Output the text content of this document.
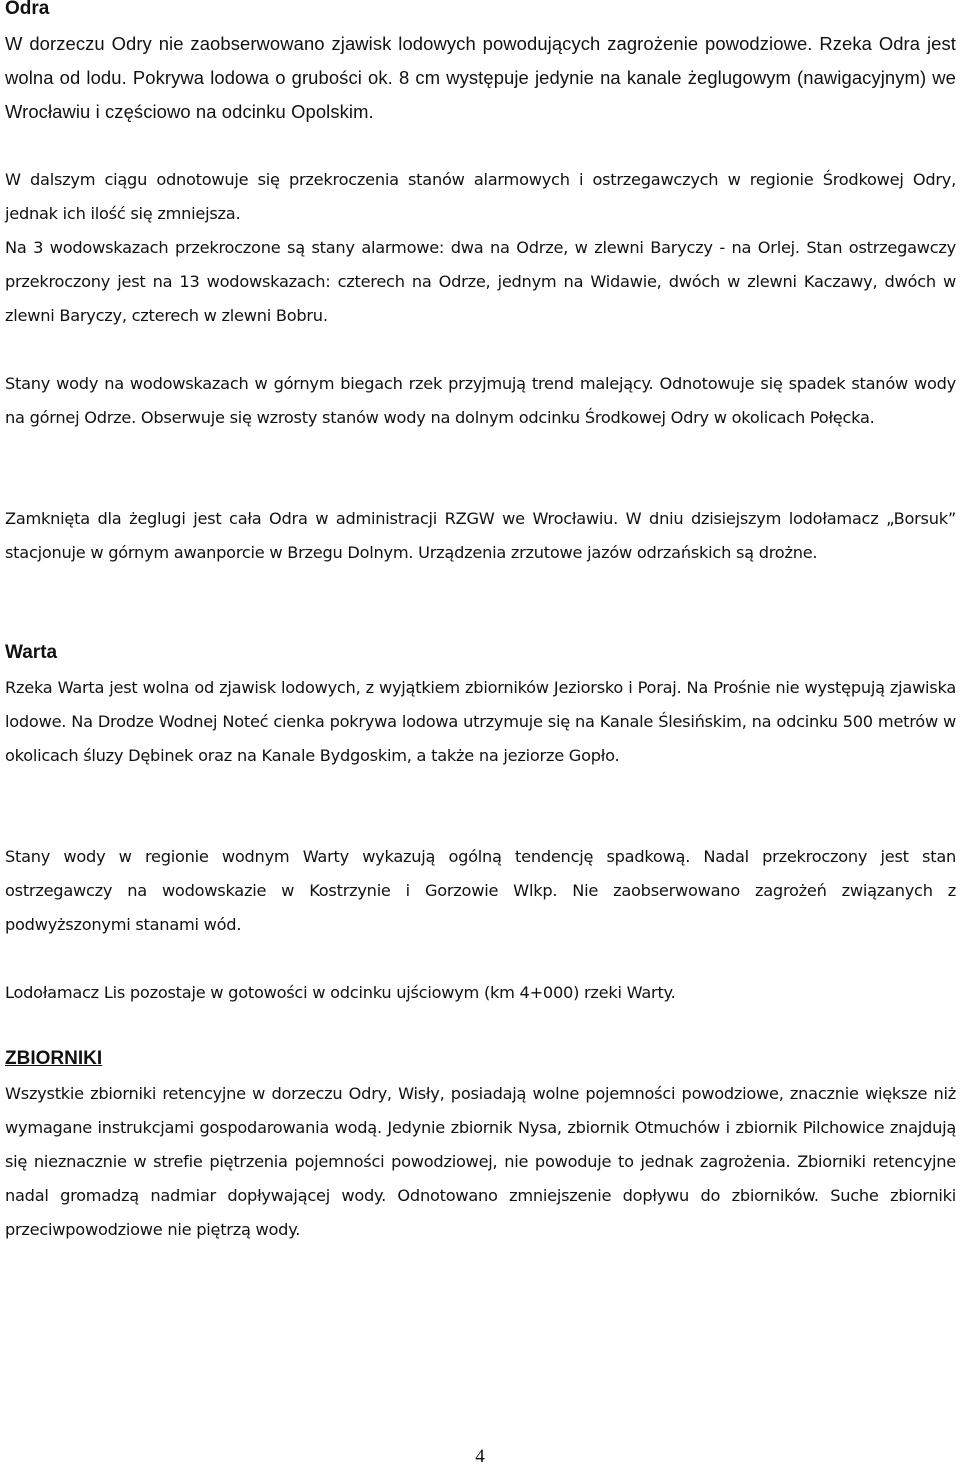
Odra

W dorzeczu Odry nie zaobserwowano zjawisk lodowych powodujących zagrożenie powodziowe. Rzeka Odra jest wolna od lodu. Pokrywa lodowa o grubości ok. 8 cm występuje jedynie na kanale żeglugowym (nawigacyjnym) we Wrocławiu i częściowo na odcinku Opolskim.

W dalszym ciągu odnotowuje się przekroczenia stanów alarmowych i ostrzegawczych w regionie Środkowej Odry, jednak ich ilość się zmniejsza.

Na 3 wodowskazach przekroczone są stany alarmowe: dwa na Odrze, w zlewni Baryczy - na Orlej. Stan ostrzegawczy przekroczony jest na 13 wodowskazach: czterech na Odrze, jednym na Widawie, dwóch w zlewni Kaczawy, dwóch w zlewni Baryczy, czterech w zlewni Bobru.

Stany wody na wodowskazach w górnym biegach rzek przyjmują trend malejący. Odnotowuje się spadek stanów wody na górnej Odrze. Obserwuje się wzrosty stanów wody na dolnym odcinku Środkowej Odry w okolicach Połęcka.

Zamknięta dla żeglugi jest cała Odra w administracji RZGW we Wrocławiu. W dniu dzisiejszym lodołamacz „Borsuk” stacjonuje w górnym awanporcie w Brzegu Dolnym. Urządzenia zrzutowe jazów odrzańskich są drożne.

Warta

Rzeka Warta jest wolna od zjawisk lodowych, z wyjątkiem zbiorników Jeziorsko i Poraj. Na Prośnie nie występują zjawiska lodowe. Na Drodze Wodnej Noteć cienka pokrywa lodowa utrzymuje się na Kanale Ślesińskim, na odcinku 500 metrów w okolicach śluzy Dębinek oraz na Kanale Bydgoskim, a także na jeziorze Gopło.

Stany wody w regionie wodnym Warty wykazują ogólną tendencję spadkową. Nadal przekroczony jest stan ostrzegawczy na wodowskazie w Kostrzynie i Gorzowie Wlkp. Nie zaobserwowano zagrożeń związanych z podwyższonymi stanami wód.

Lodołamacz Lis pozostaje w gotowości w odcinku ujściowym (km 4+000) rzeki Warty.

ZBIORNIKI

Wszystkie zbiorniki retencyjne w dorzeczu Odry, Wisły, posiadają wolne pojemności powodziowe, znacznie większe niż wymagane instrukcjami gospodarowania wodą. Jedynie zbiornik Nysa, zbiornik Otmuchów i zbiornik Pilchowice znajdują się nieznacznie w strefie piętrzenia pojemności powodziowej, nie powoduje to jednak zagrożenia. Zbiorniki retencyjne nadal gromadzą nadmiar dopływającej wody. Odnotowano zmniejszenie dopływu do zbiorników. Suche zbiorniki przeciwpowodziowe nie piętrzą wody.

4
